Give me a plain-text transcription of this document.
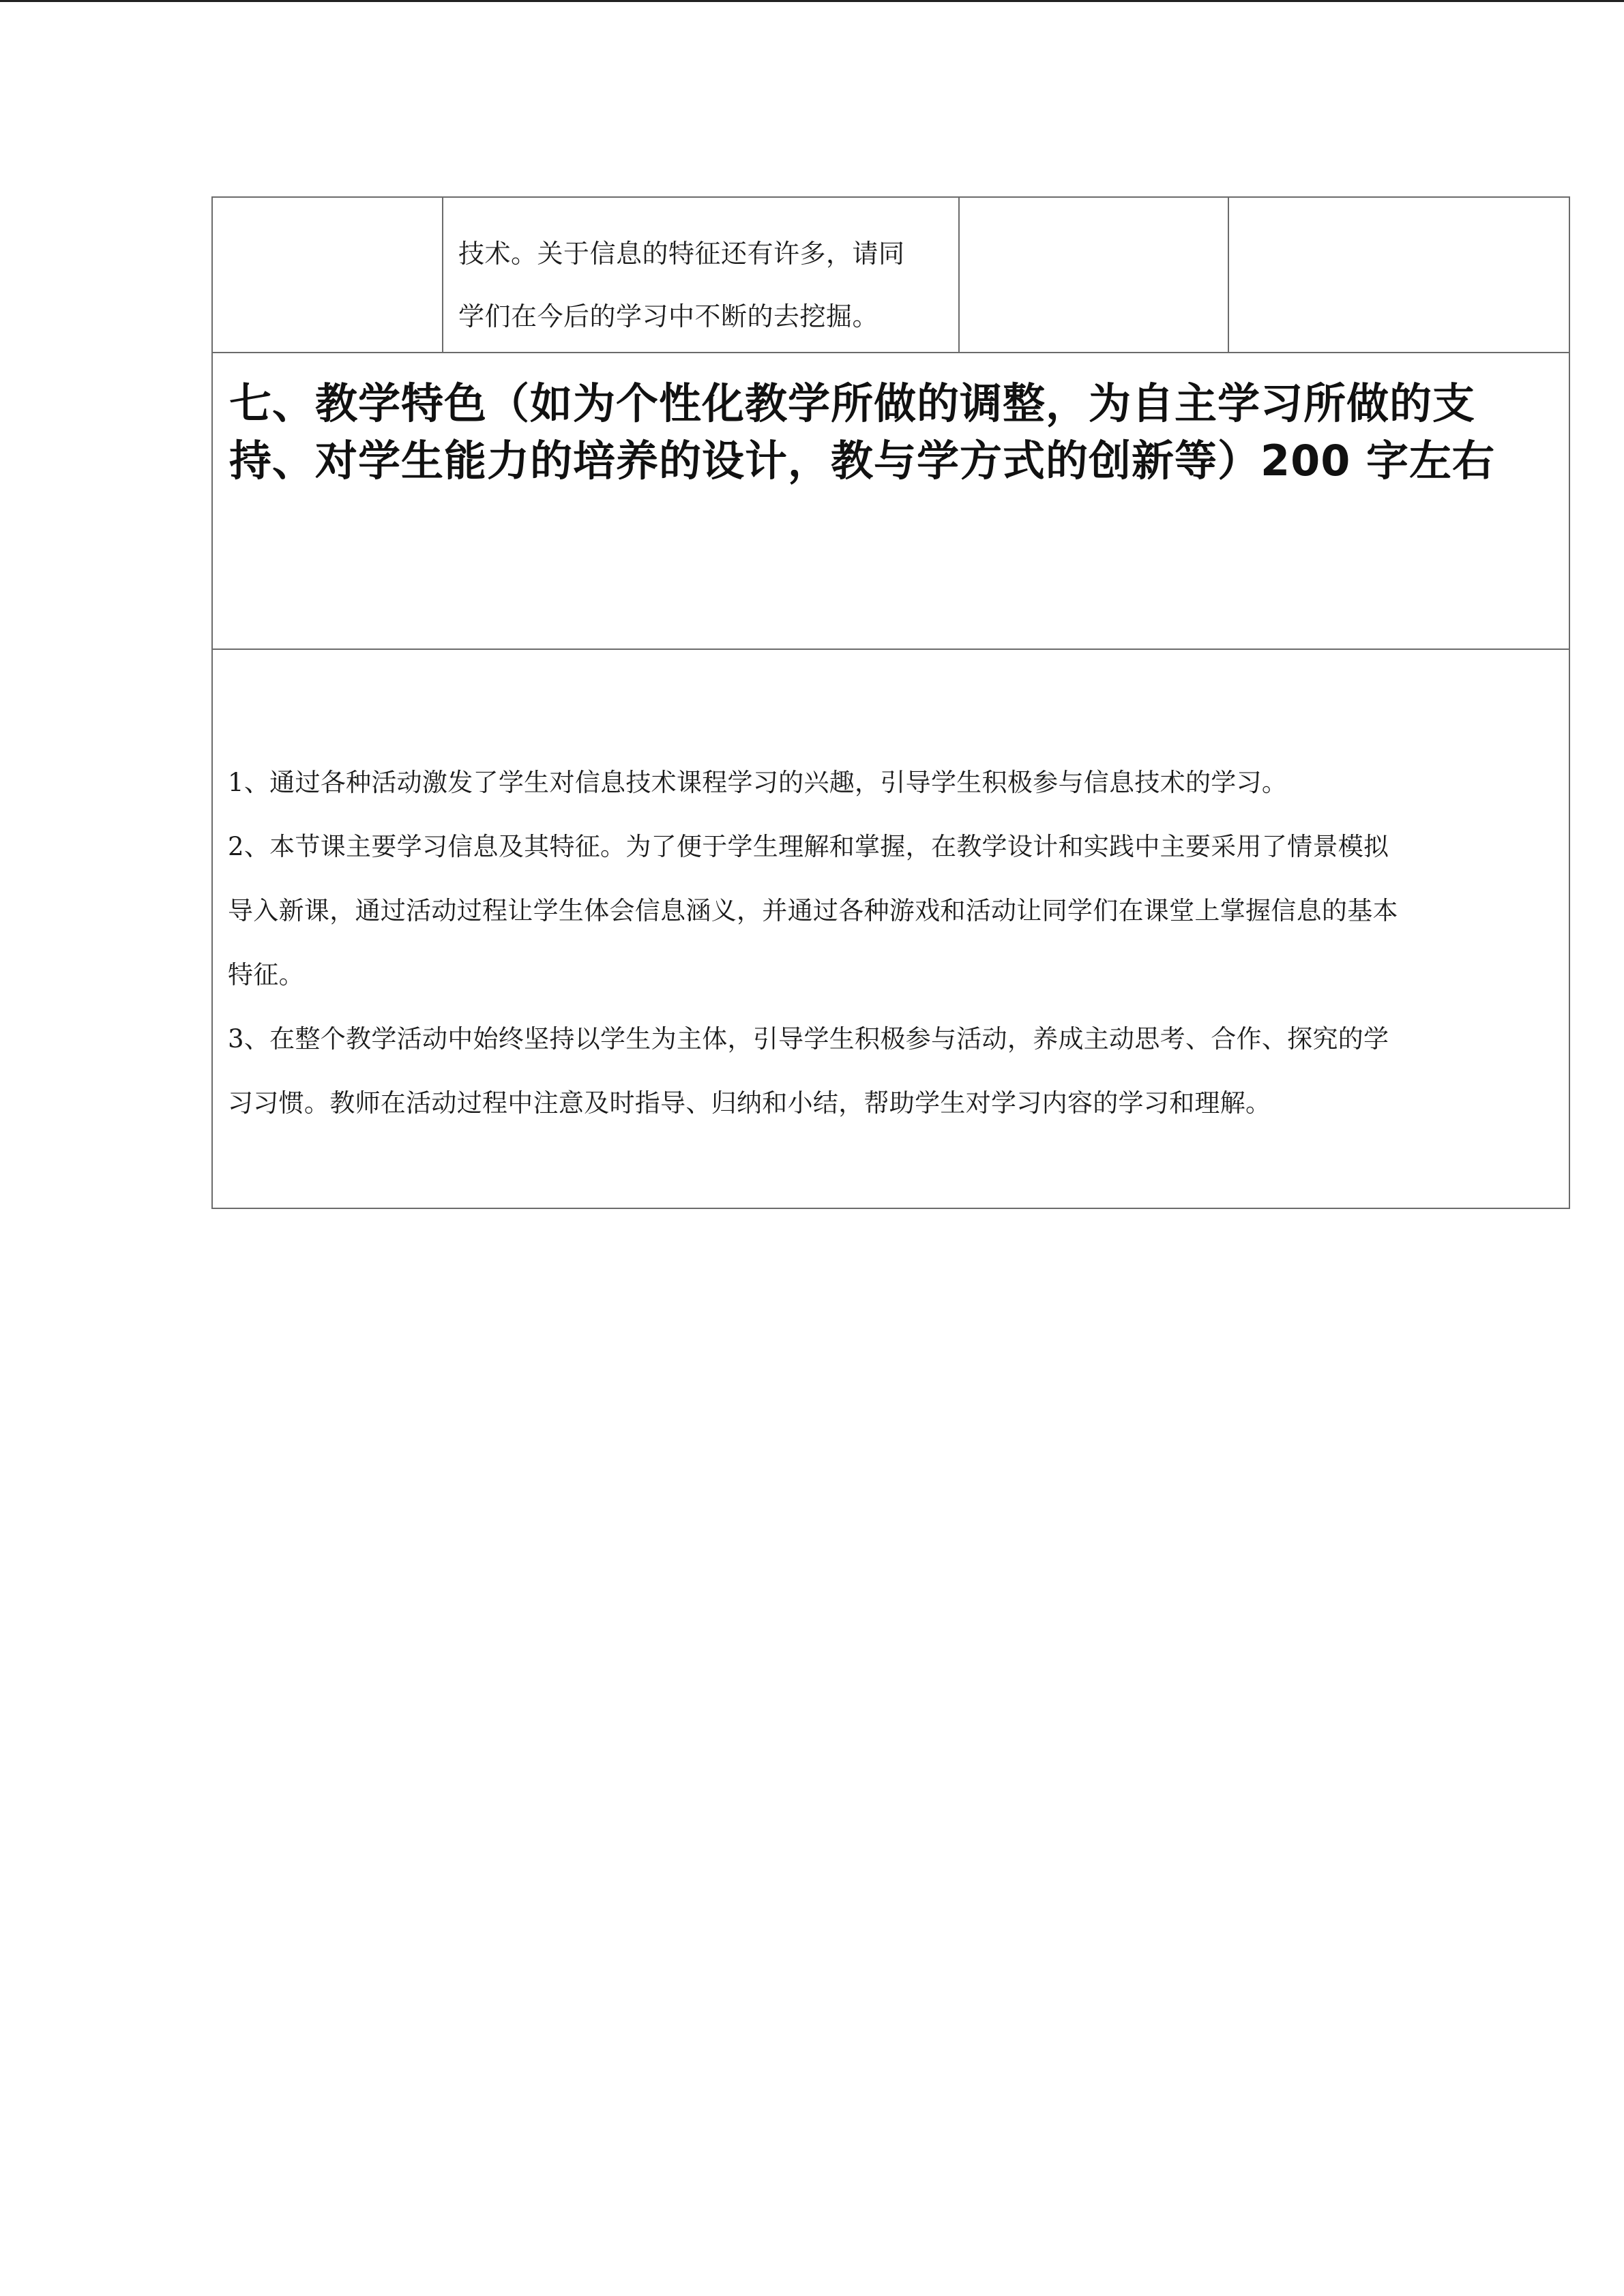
技术。关于信息的特征还有许多，请同

学们在今后的学习中不断的去挖掘。

七、教学特色（如为个性化教学所做的调整，为自主学习所做的支

持、对学生能力的培养的设计，教与学方式的创新等）200 字左右

1、通过各种活动激发了学生对信息技术课程学习的兴趣，引导学生积极参与信息技术的学习。

2、本节课主要学习信息及其特征。为了便于学生理解和掌握，在教学设计和实践中主要采用了情景模拟

导入新课，通过活动过程让学生体会信息涵义，并通过各种游戏和活动让同学们在课堂上掌握信息的基本

特征。

3、在整个教学活动中始终坚持以学生为主体，引导学生积极参与活动，养成主动思考、合作、探究的学

习习惯。教师在活动过程中注意及时指导、归纳和小结，帮助学生对学习内容的学习和理解。
